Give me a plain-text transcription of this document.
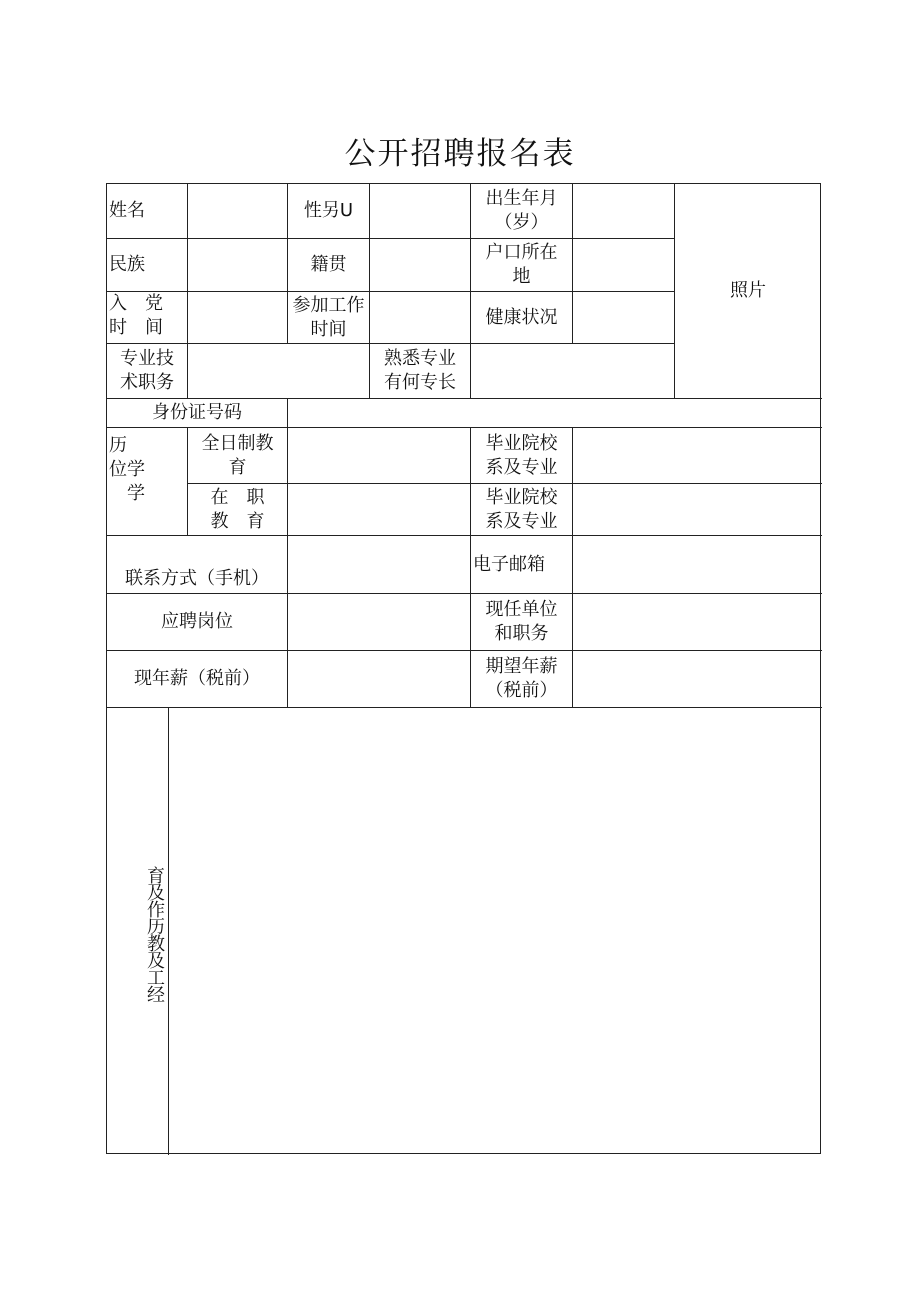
公开招聘报名表
姓名	性另U
出生年月
（岁）
照片
民族	籍贯
户口所在
地
入　党
时　间
参加工作
时间
健康状况
专业技
术职务
熟悉专业
有何专长
身份证号码
历位 学学
全日制教
育
毕业院校
系及专业
在　职
教　育
毕业院校
系及专业
联系方式（手机）
电子邮箱
应聘岗位
现任单位
和职务
现年薪（税前）
期望年薪
（税前）
育及作历教及工经
